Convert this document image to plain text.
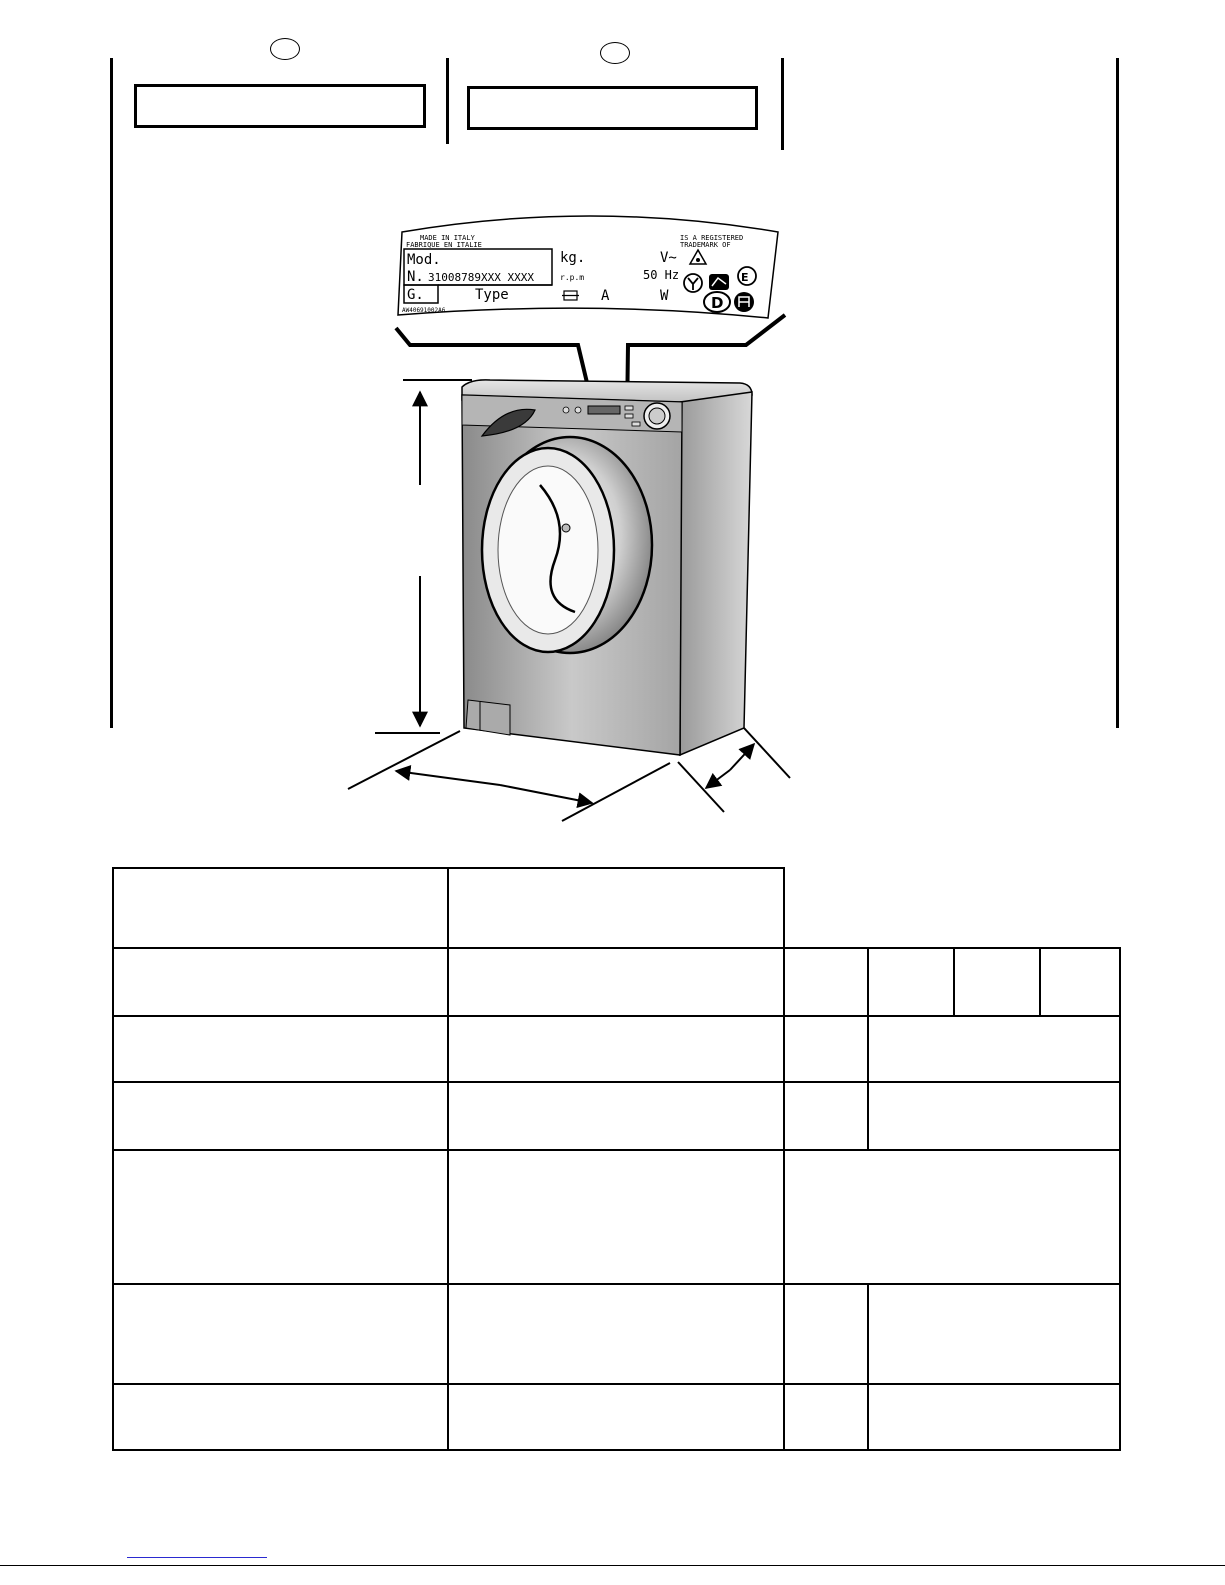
MADE IN ITALY
FABRIQUE EN ITALIE
IS A REGISTERED
TRADEMARK OF
Mod.
N. 31008789XXX XXXX
G.	Type
kg.
r.p.m
A
V~
50 Hz
W
AW40691002A6
E
D
